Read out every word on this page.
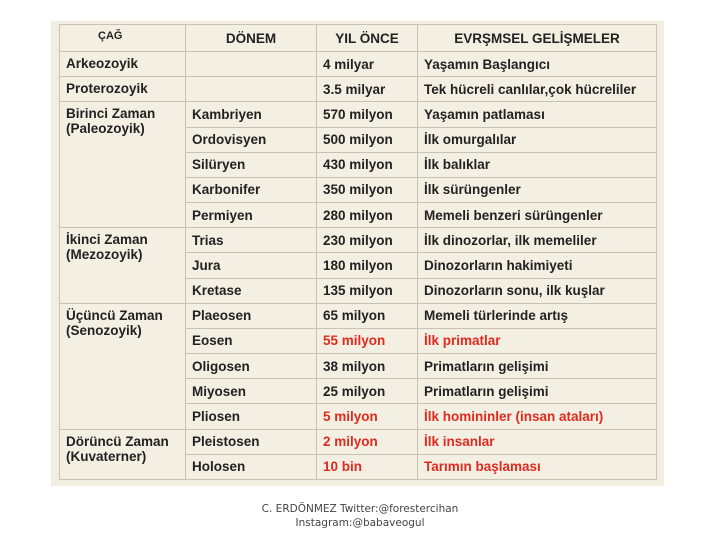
ÇAĞ	DÖNEM	YIL ÖNCE	EVRŞMSEL GELİŞMELER
Arkeozoyik		4 milyar	Yaşamın Başlangıcı
Proterozoyik		3.5 milyar	Tek hücreli canlılar,çok hücreliler
Birinci Zaman (Paleozoyik)	Kambriyen	570 milyon	Yaşamın patlaması
	Ordovisyen	500 milyon	İlk omurgalılar
	Silüryen	430 milyon	İlk balıklar
	Karbonifer	350 milyon	İlk sürüngenler
	Permiyen	280 milyon	Memeli benzeri sürüngenler
İkinci Zaman (Mezozoyik)	Trias	230 milyon	İlk dinozorlar, ilk memeliler
	Jura	180 milyon	Dinozorların hakimiyeti
	Kretase	135 milyon	Dinozorların sonu, ilk kuşlar
Üçüncü Zaman (Senozoyik)	Plaeosen	65 milyon	Memeli türlerinde artış
	Eosen	55 milyon	İlk primatlar
	Oligosen	38 milyon	Primatların gelişimi
	Miyosen	25 milyon	Primatların gelişimi
	Pliosen	5 milyon	İlk homininler (insan ataları)
Dörüncü Zaman (Kuvaterner)	Pleistosen	2 milyon	İlk insanlar
	Holosen	10 bin	Tarımın başlaması
C. ERDÖNMEZ Twitter:@forestercihan
Instagram:@babaveogul
